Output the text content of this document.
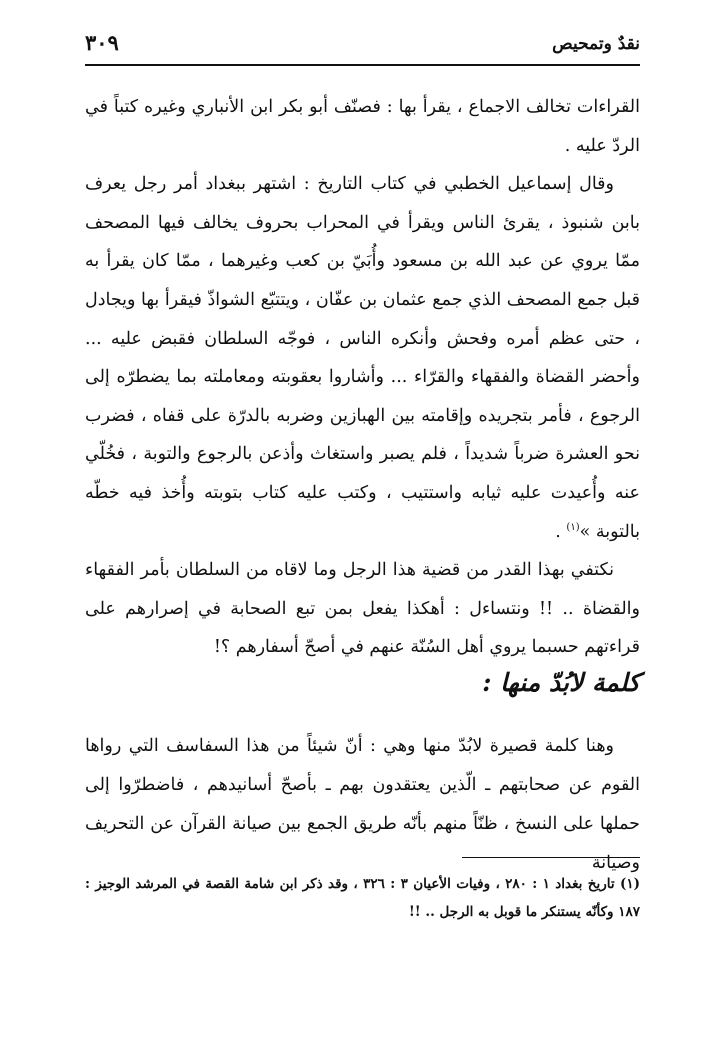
نقدٌ وتمحيص
٣٠٩

القراءات تخالف الاجماع ، يقرأ بها : فصنّف أبو بكر ابن الأنباري وغيره كتباً في الردّ عليه .

وقال إسماعيل الخطبي في كتاب التاريخ : اشتهر ببغداد أمر رجل يعرف بابن شنبوذ ، يقرئ الناس ويقرأ في المحراب بحروف يخالف فيها المصحف ممّا يروي عن عبد الله بن مسعود وأُبَيّ بن كعب وغيرهما ، ممّا كان يقرأ به قبل جمع المصحف الذي جمع عثمان بن عفّان ، ويتتبّع الشواذّ فيقرأ بها ويجادل ، حتى عظم أمره وفحش وأنكره الناس ، فوجّه السلطان فقبض عليه ... وأحضر القضاة والفقهاء والقرّاء ... وأشاروا بعقوبته ومعاملته بما يضطرّه إلى الرجوع ، فأمر بتجريده وإقامته بين الهبازين وضربه بالدرّة على قفاه ، فضرب نحو العشرة ضرباً شديداً ، فلم يصبر واستغاث وأذعن بالرجوع والتوبة ، فخُلّي عنه وأُعيدت عليه ثيابه واستتيب ، وكتب عليه كتاب بتوبته وأُخذ فيه خطّه بالتوبة »$^{(١)}$ .

نكتفي بهذا القدر من قضية هذا الرجل وما لاقاه من السلطان بأمر الفقهاء والقضاة .. !! ونتساءل : أهكذا يفعل بمن تبع الصحابة في إصرارهم على قراءتهم حسبما يروي أهل السُنّة عنهم في أصحّ أسفارهم ؟!

كلمة لابُدّ منها :

وهنا كلمة قصيرة لابُدّ منها وهي : أنّ شيئاً من هذا السفاسف التي رواها القوم عن صحابتهم ـ الّذين يعتقدون بهم ـ بأصحّ أسانيدهم ، فاضطرّوا إلى حملها على النسخ ، ظنّاً منهم بأنّه طريق الجمع بين صيانة القرآن عن التحريف وصيانة

(١) تاريخ بغداد ١ : ٢٨٠ ، وفيات الأعيان ٣ : ٣٢٦ ، وقد ذكر ابن شامة القصة في المرشد الوجيز : ١٨٧ وكأنّه يستنكر ما قوبل به الرجل .. !!
